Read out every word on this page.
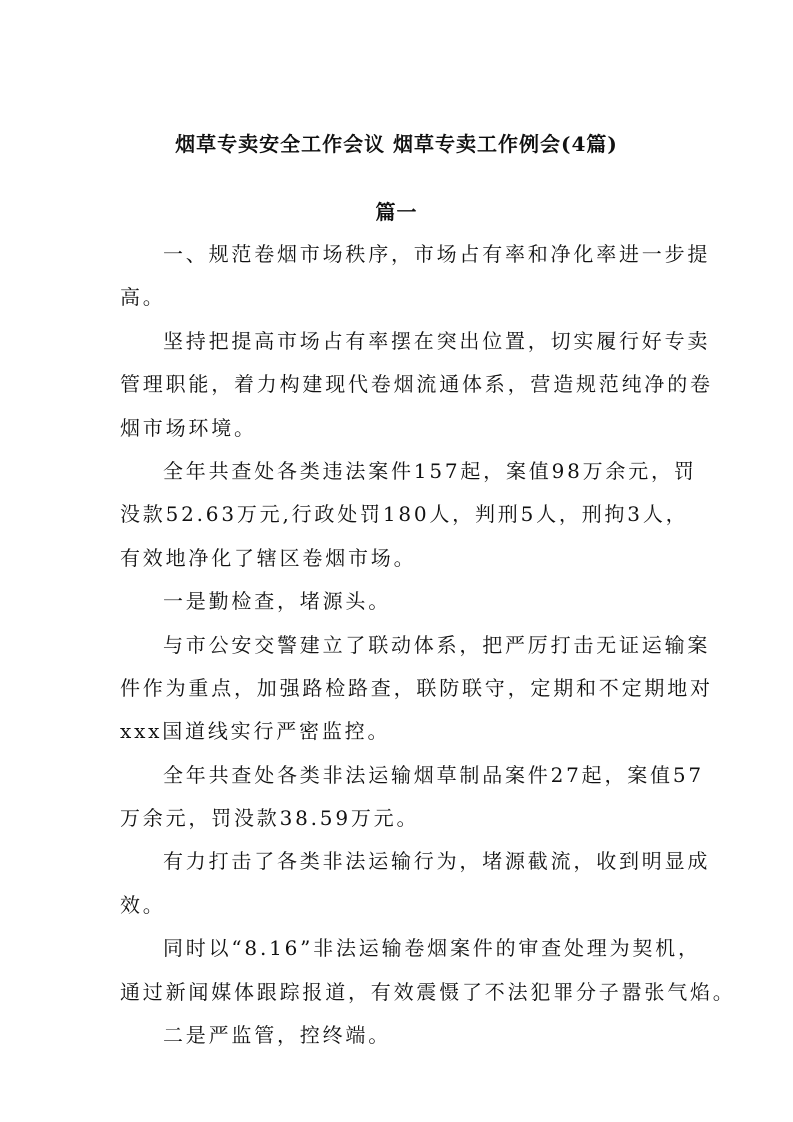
烟草专卖安全工作会议 烟草专卖工作例会(4篇)
篇一
一、规范卷烟市场秩序，市场占有率和净化率进一步提
高。
坚持把提高市场占有率摆在突出位置，切实履行好专卖
管理职能，着力构建现代卷烟流通体系，营造规范纯净的卷
烟市场环境。
全年共查处各类违法案件157起，案值98万余元，罚
没款52.63万元,行政处罚180人，判刑5人，刑拘3人，
有效地净化了辖区卷烟市场。
一是勤检查，堵源头。
与市公安交警建立了联动体系，把严厉打击无证运输案
件作为重点，加强路检路查，联防联守，定期和不定期地对
xxx国道线实行严密监控。
全年共查处各类非法运输烟草制品案件27起，案值57
万余元，罚没款38.59万元。
有力打击了各类非法运输行为，堵源截流，收到明显成
效。
同时以“8.16”非法运输卷烟案件的审查处理为契机，
通过新闻媒体跟踪报道，有效震慑了不法犯罪分子嚣张气焰。
二是严监管，控终端。
